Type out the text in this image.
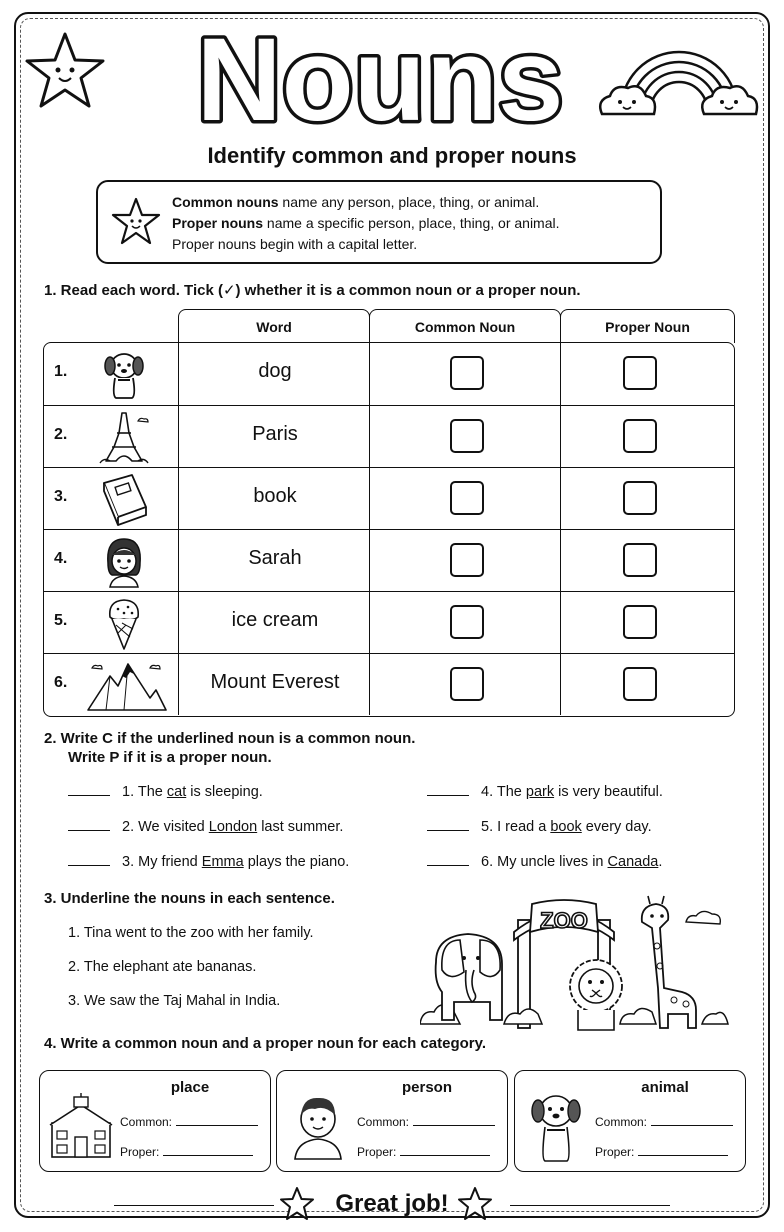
Nouns
Identify common and proper nouns
Common nouns name any person, place, thing, or animal.
Proper nouns name a specific person, place, thing, or animal.
Proper nouns begin with a capital letter.
1. Read each word. Tick (✓) whether it is a common noun or a proper noun.
Word	Common Noun	Proper Noun
1.	dog
2.	Paris
3.	book
4.	Sarah
5.	ice cream
6.	Mount Everest
2. Write C if the underlined noun is a common noun.
Write P if it is a proper noun.
1. The cat is sleeping.
2. We visited London last summer.
3. My friend Emma plays the piano.
4. The park is very beautiful.
5. I read a book every day.
6. My uncle lives in Canada.
3. Underline the nouns in each sentence.
1. Tina went to the zoo with her family.
2. The elephant ate bananas.
3. We saw the Taj Mahal in India.
ZOO
4. Write a common noun and a proper noun for each category.
place
Common:
Proper:
person
Common:
Proper:
animal
Common:
Proper:
Great job!
